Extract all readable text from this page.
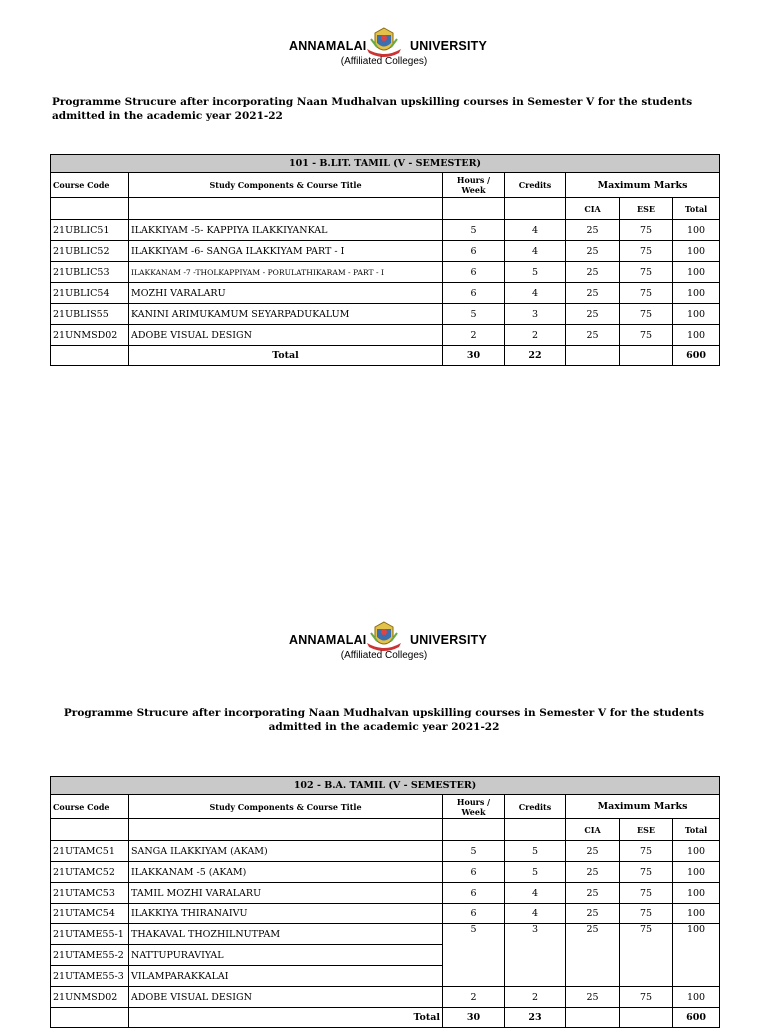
ANNAMALAI	UNIVERSITY
(Affiliated Colleges)
Programme Strucure after incorporating Naan Mudhalvan upskilling courses in Semester V for the students admitted in the academic year 2021-22
101 - B.LIT. TAMIL (V - SEMESTER)						
Course Code	Study Components & Course Title	Hours / Week	Credits	Maximum Marks		
				CIA	ESE	Total
21UBLIC51	ILAKKIYAM -5- KAPPIYA ILAKKIYANKAL	5	4	25	75	100
21UBLIC52	ILAKKIYAM -6- SANGA ILAKKIYAM PART - I	6	4	25	75	100
21UBLIC53	ILAKKANAM -7 -THOLKAPPIYAM - PORULATHIKARAM - PART - I	6	5	25	75	100
21UBLIC54	MOZHI VARALARU	6	4	25	75	100
21UBLIS55	KANINI ARIMUKAMUM SEYARPADUKALUM	5	3	25	75	100
21UNMSD02	ADOBE VISUAL DESIGN	2	2	25	75	100
	Total	30	22			600
ANNAMALAI	UNIVERSITY
(Affiliated Colleges)
Programme Strucure after incorporating Naan Mudhalvan upskilling courses in Semester V for the students admitted in the academic year 2021-22
102 - B.A. TAMIL (V - SEMESTER)						
Course Code	Study Components & Course Title	Hours / Week	Credits	Maximum Marks		
				CIA	ESE	Total
21UTAMC51	SANGA ILAKKIYAM (AKAM)	5	5	25	75	100
21UTAMC52	ILAKKANAM -5 (AKAM)	6	5	25	75	100
21UTAMC53	TAMIL MOZHI VARALARU	6	4	25	75	100
21UTAMC54	ILAKKIYA THIRANAIVU	6	4	25	75	100
21UTAME55-1	THAKAVAL THOZHILNUTPAM	5	3	25	75	100
21UTAME55-2	NATTUPURAVIYAL					
21UTAME55-3	VILAMPARAKKALAI					
21UNMSD02	ADOBE VISUAL DESIGN	2	2	25	75	100
	Total	30	23			600
